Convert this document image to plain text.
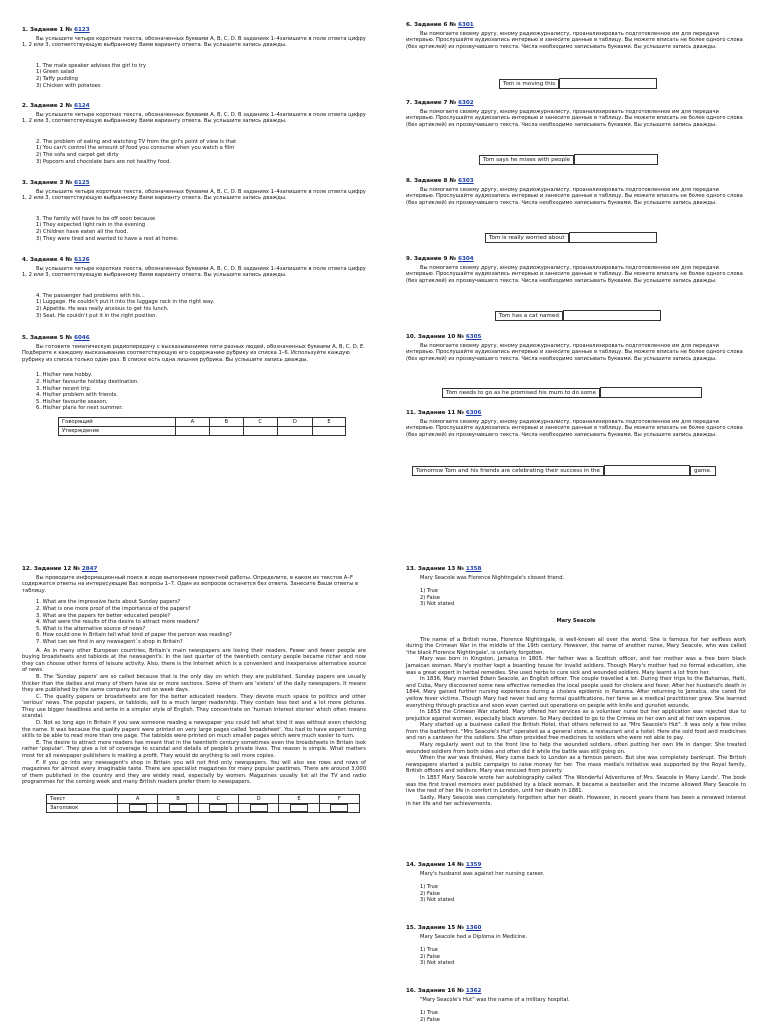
1. Задание 1 № 6123

Вы услышите четыре коротких текста, обозначенных буквами A, B, C, D. В заданиях 1–4запишите в поле ответа цифру 1, 2 или 3, соответствующую выбранному Вами варианту ответа. Вы услышите запись дважды.

1. The male speaker advises the girl to try
1) Green salad
2) Taffy pudding
3) Chicken with potatoes

2. Задание 2 № 6124

Вы услышите четыре коротких текста, обозначенных буквами A, B, C, D. В заданиях 1–4запишите в поле ответа цифру 1, 2 или 3, соответствующую выбранному Вами варианту ответа. Вы услышите запись дважды.

2. The problem of eating and watching TV from the girl's point of view is that
1) You can't control the amount of food you consume when you watch a film
2) The sofa and carpet get dirty
3) Popcorn and chocolate bars are not healthy food.

3. Задание 3 № 6125

Вы услышите четыре коротких текста, обозначенных буквами A, B, C, D. В заданиях 1–4запишите в поле ответа цифру 1, 2 или 3, соответствующую выбранному Вами варианту ответа. Вы услышите запись дважды.

3. The family will have to be off soon because
1) They expected light rain in the evening
2) Children have eaten all the food.
3) They were tired and wanted to have a rest at home.

4. Задание 4 № 6126

Вы услышите четыре коротких текста, обозначенных буквами A, B, C, D. В заданиях 1–4запишите в поле ответа цифру 1, 2 или 3, соответствующую выбранному Вами варианту ответа. Вы услышите запись дважды.

4. The passenger had problems with his...
1) Luggage. He couldn't put it into the luggage rack in the right way.
2) Appetite. He was really anxious to get his lunch.
3) Seat. He couldn't put it in the right position.

5. Задание 5 № 6046

Вы готовите тематическую радиопередачу с высказываниями пяти разных людей, обозначенных буквами A, B, C, D, E. Подберите к каждому высказыванию соответствующую его содержанию рубрику из списка 1–6. Используйте каждую рубрику из списка только один раз. В списке есть одна лишняя рубрика. Вы услышите запись дважды.

1. His/her new hobby.
2. His/her favourite holiday destination.
3. His/her recent trip.
4. His/her problem with friends.
5. His/her favourite season.
6. His/her plans for next summer.
Говорящий	A	B	C	D	E
Утверждение					

6. Задание 6 № 6301

Вы помогаете своему другу, юному радиожурналисту, проанализировать подготовленное им для передачи интервью. Прослушайте аудиозапись интервью и занесите данные в таблицу. Вы можете вписать не более одного слова (без артиклей) из прозвучавшего текста. Числа необходимо записывать буквами. Вы услышите запись дважды.

Tom is moving this

7. Задание 7 № 6302

Вы помогаете своему другу, юному радиожурналисту, проанализировать подготовленное им для передачи интервью. Прослушайте аудиозапись интервью и занесите данные в таблицу. Вы можете вписать не более одного слова (без артиклей) из прозвучавшего текста. Числа необходимо записывать буквами. Вы услышите запись дважды.

Tom says he mixes with people

8. Задание 8 № 6303

Вы помогаете своему другу, юному радиожурналисту, проанализировать подготовленное им для передачи интервью. Прослушайте аудиозапись интервью и занесите данные в таблицу. Вы можете вписать не более одного слова (без артиклей) из прозвучавшего текста. Числа необходимо записывать буквами. Вы услышите запись дважды.

Tom is really worried about

9. Задание 9 № 6304

Вы помогаете своему другу, юному радиожурналисту, проанализировать подготовленное им для передачи интервью. Прослушайте аудиозапись интервью и занесите данные в таблицу. Вы можете вписать не более одного слова (без артиклей) из прозвучавшего текста. Числа необходимо записывать буквами. Вы услышите запись дважды.

Tom has a cat named

10. Задание 10 № 6305

Вы помогаете своему другу, юному радиожурналисту, проанализировать подготовленное им для передачи интервью. Прослушайте аудиозапись интервью и занесите данные в таблицу. Вы можете вписать не более одного слова (без артиклей) из прозвучавшего текста. Числа необходимо записывать буквами. Вы услышите запись дважды.

Tom needs to go as he promised his mum to do some

11. Задание 11 № 6306

Вы помогаете своему другу, юному радиожурналисту, проанализировать подготовленное им для передачи интервью. Прослушайте аудиозапись интервью и занесите данные в таблицу. Вы можете вписать не более одного слова (без артиклей) из прозвучавшего текста. Числа необходимо записывать буквами. Вы услышите запись дважды.

Tomorrow Tom and his friends are celebrating their success in the	game.

12. Задание 12 № 2847

Вы проводите информационный поиск в ходе выполнения проектной работы. Определите, в каком из текстов A–F содержатся ответы на интересующие Вас вопросы 1–7. Один из вопросов останется без ответа. Занесите Ваши ответы в таблицу.

1. What are the impressive facts about Sunday papers?
2. What is one more proof of the importance of the papers?
3. What are the papers for better educated people?
4. What were the results of the desire to attract more readers?
5. What is the alternative source of news?
6. How could one in Britain tell what kind of paper the person was reading?
7. What can we find in any newsagent`s shop in Britain?
A. As in many other European countries, Britain's main newspapers are losing their readers. Fewer and fewer people are buying broadsheets and tabloids at the newsagent's. In the last quarter of the twentieth century people became richer and now they can choose other forms of leisure activity. Also, there is the Internet which is a convenient and inexpensive alternative source of news.
B. The 'Sunday papers' are so called because that is the only day on which they are published. Sunday papers are usually thicker than the dailies and many of them have six or more sections. Some of them are 'sisters' of the daily newspapers. It means they are published by the same company but not on week days.
C. The quality papers or broadsheets are for the better educated readers. They devote much space to politics and other 'serious' news. The popular papers, or tabloids, sell to a much larger readership. They contain less text and a lot more pictures. They use bigger headlines and write in a simpler style of English. They concentrate on 'human interest stories' which often means scandal.
D. Not so long ago in Britain if you saw someone reading a newspaper you could tell what kind it was without even checking the name. It was because the quality papers were printed on very large pages called 'broadsheet'. You had to have expert turning skills to be able to read more than one page. The tabloids were printed on much smaller pages which were much easier to turn.
E. The desire to attract more readers has meant that in the twentieth century sometimes even the broadsheets in Britain look rather 'popular'. They give a lot of coverage to scandal and details of people's private lives. The reason is simple. What matters most for all newspaper publishers is making a profit. They would do anything to sell more copies.
F. If you go into any newsagent's shop in Britain you will not find only newspapers. You will also see rows and rows of magazines for almost every imaginable taste. There are specialist magazines for many popular pastimes. There are around 3,000 of them published in the country and they are widely read, especially by women. Magazines usually list all the TV and radio programmes for the coming week and many British readers prefer them to newspapers.
Текст	A	B	C	D	E	F
Заголовок						

13. Задание 13 № 1358

Mary Seacole was Florence Nightingale's closest friend.

1) True
2) False
3) Not stated

Mary Seacole

The name of a British nurse, Florence Nightingale, is well-known all over the world. She is famous for her selfless work during the Crimean War in the middle of the 19th century. However, the name of another nurse, Mary Seacole, who was called 'the black Florence Nightingale', is unfairly forgotten.
Mary was born in Kingston, Jamaica in 1805. Her father was a Scottish officer, and her mother was a free born black Jamaican woman. Mary's mother kept a boarding house for invalid soldiers. Though Mary's mother had no formal education, she was a great expert in herbal remedies. She used herbs to cure sick and wounded soldiers. Mary learnt a lot from her.
In 1836, Mary married Edwin Seacole, an English officer. The couple travelled a lot. During their trips to the Bahamas, Haiti, and Cuba, Mary discovered some new effective remedies the local people used for cholera and fever. After her husband's death in 1844, Mary gained further nursing experience during a cholera epidemic in Panama. After returning to Jamaica, she cared for yellow fever victims. Though Mary had never had any formal qualifications, her fame as a medical practitioner grew. She learned everything through practice and soon even carried out operations on people with knife and gunshot wounds.
In 1853 the Crimean War started. Mary offered her services as a volunteer nurse but her application was rejected due to prejudice against women, especially black women. So Mary decided to go to the Crimea on her own and at her own expense.
Mary started up a business called the British Hotel, that others referred to as "Mrs Seacole's Hut". It was only a few miles from the battlefront. "Mrs Seacole's Hut" operated as a general store, a restaurant and a hotel. Here she sold food and medicines and ran a canteen for the soldiers. She often provided free medicines to soldiers who were not able to pay.
Mary regularly went out to the front line to help the wounded soldiers, often putting her own life in danger. She treated wounded soldiers from both sides and often did it while the battle was still going on.
When the war was finished, Mary came back to London as a famous person. But she was completely bankrupt. The British newspapers started a public campaign to raise money for her. The mass media's initiative was supported by the Royal family, British officers and soldiers. Mary was rescued from poverty.
In 1857 Mary Seacole wrote her autobiography called 'The Wonderful Adventures of Mrs. Seacole in Many Lands'. The book was the first travel memoirs ever published by a black woman. It became a bestseller and the income allowed Mary Seacole to live the rest of her life in comfort in London, until her death in 1881.
Sadly, Mary Seacole was completely forgotten after her death. However, in recent years there has been a renewed interest in her life and her achievements.

14. Задание 14 № 1359

Mary's husband was against her nursing career.

1) True
2) False
3) Not stated

15. Задание 15 № 1360

Mary Seacole had a Diploma in Medicine.

1) True
2) False
3) Not stated

16. Задание 16 № 1362

"Mary Seacole's Hut" was the name of a military hospital.

1) True
2) False
